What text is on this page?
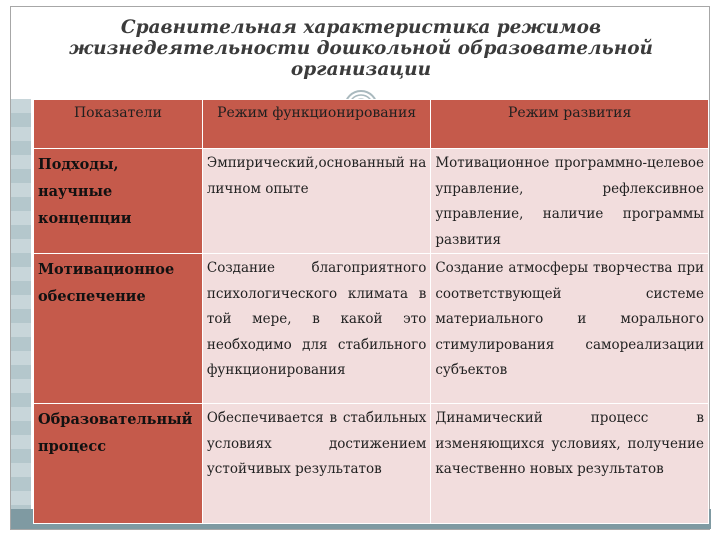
Сравнительная характеристика режимов
жизнедеятельности дошкольной образовательной
организации
Показатели	Режим функционирования	Режим развития
Подходы, научные концепции	Эмпирический,основанный на личном опыте	Мотивационное программно-целевое управление, рефлексивное управление, наличие программы развития
Мотивационное обеспечение	Создание благоприятного психологического климата в той мере, в какой это необходимо для стабильного функционирования	Создание атмосферы творчества при соответствующей системе материального и морального стимулирования самореализации субъектов
Образовательный процесс	Обеспечивается в стабильных условиях достижением устойчивых результатов	Динамический процесс в изменяющихся условиях, получение качественно новых результатов
